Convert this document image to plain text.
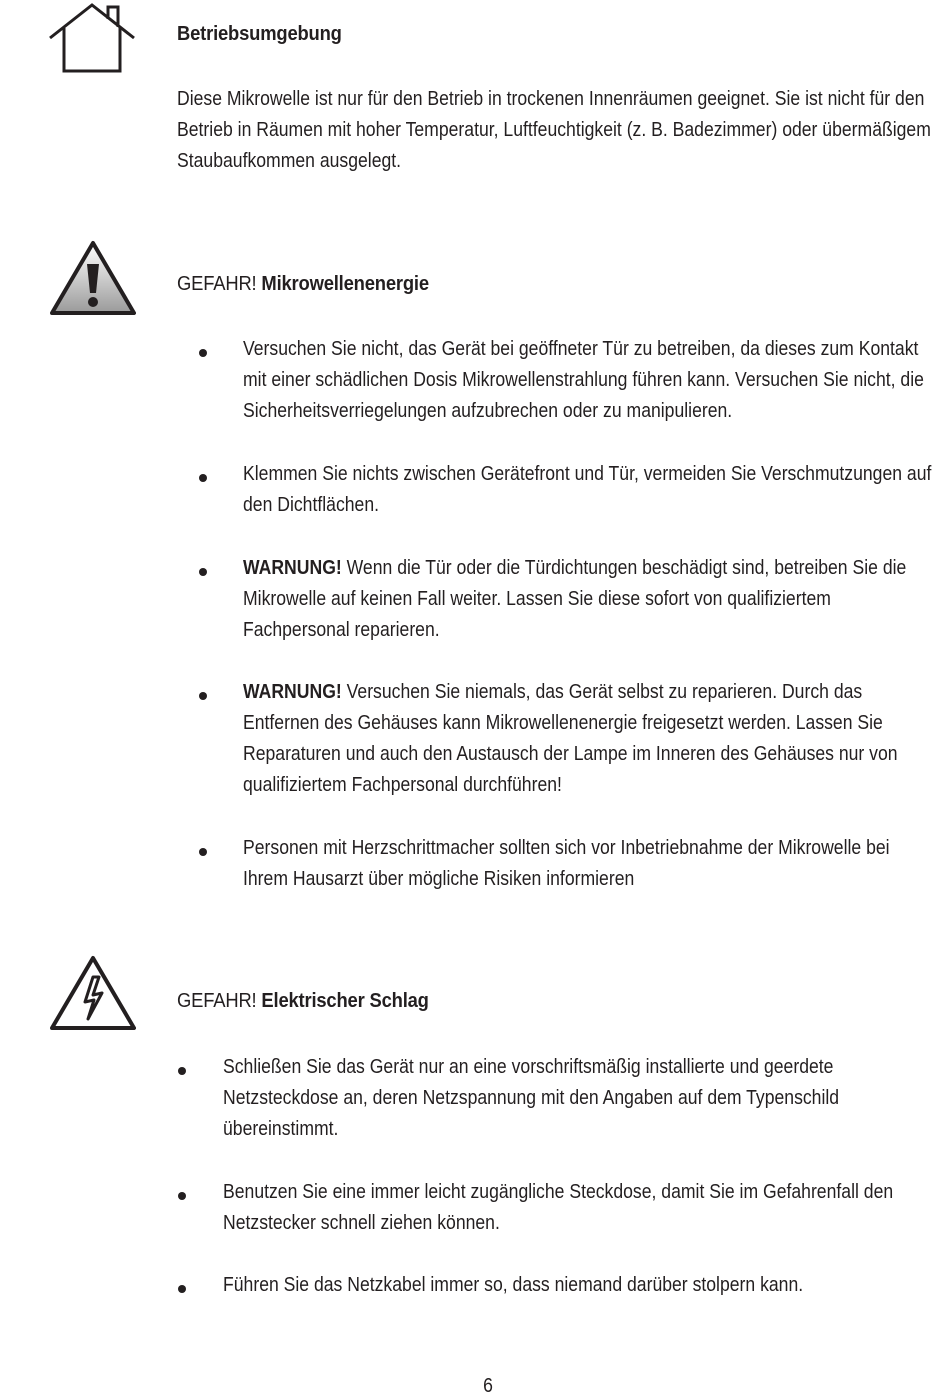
Betriebsumgebung
Diese Mikrowelle ist nur für den Betrieb in trockenen Innenräumen geeignet. Sie ist nicht für den Betrieb in Räumen mit hoher Temperatur, Luftfeuchtigkeit (z. B. Badezimmer) oder übermäßigem Staubaufkommen ausgelegt.
GEFAHR! Mikrowellenenergie
Versuchen Sie nicht, das Gerät bei geöffneter Tür zu betreiben, da dieses zum Kontakt mit einer schädlichen Dosis Mikrowellenstrahlung führen kann. Versuchen Sie nicht, die Sicherheitsverriegelungen aufzubrechen oder zu manipulieren.
Klemmen Sie nichts zwischen Gerätefront und Tür, vermeiden Sie Verschmutzungen auf den Dichtflächen.
WARNUNG! Wenn die Tür oder die Türdichtungen beschädigt sind, betreiben Sie die Mikrowelle auf keinen Fall weiter. Lassen Sie diese sofort von qualifiziertem Fachpersonal reparieren.
WARNUNG! Versuchen Sie niemals, das Gerät selbst zu reparieren. Durch das Entfernen des Gehäuses kann Mikrowellenenergie freigesetzt werden. Lassen Sie Reparaturen und auch den Austausch der Lampe im Inneren des Gehäuses nur von qualifiziertem Fachpersonal durchführen!
Personen mit Herzschrittmacher sollten sich vor Inbetriebnahme der Mikrowelle bei Ihrem Hausarzt über mögliche Risiken informieren
GEFAHR! Elektrischer Schlag
Schließen Sie das Gerät nur an eine vorschriftsmäßig installierte und geerdete Netzsteckdose an, deren Netzspannung mit den Angaben auf dem Typenschild übereinstimmt.
Benutzen Sie eine immer leicht zugängliche Steckdose, damit Sie im Gefahrenfall den Netzstecker schnell ziehen können.
Führen Sie das Netzkabel immer so, dass niemand darüber stolpern kann.
6
